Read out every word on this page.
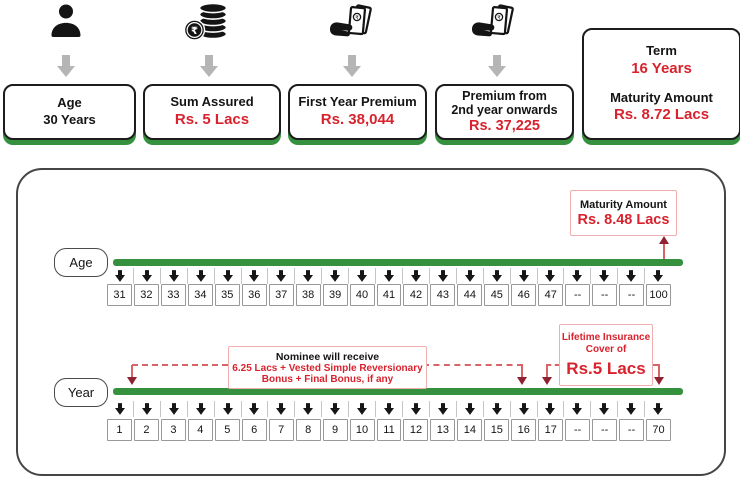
Age
30 Years
Sum Assured
Rs. 5 Lacs
₹
First Year Premium
Rs. 38,044
₹
Premium from
2nd year onwards
Rs. 37,225
₹
Term
16 Years
Maturity Amount
Rs. 8.72 Lacs
Age
Maturity Amount
Rs. 8.48 Lacs
31	32	33	34	35	36	37	38	39	40	41	42	43	44	45	46	47	--	--	--	100
Nominee will receive
6.25 Lacs + Vested Simple Reversionary
Bonus + Final Bonus, if any
Lifetime Insurance
Cover of
Rs.5 Lacs
Year
1	2	3	4	5	6	7	8	9	10	11	12	13	14	15	16	17	--	--	--	70
